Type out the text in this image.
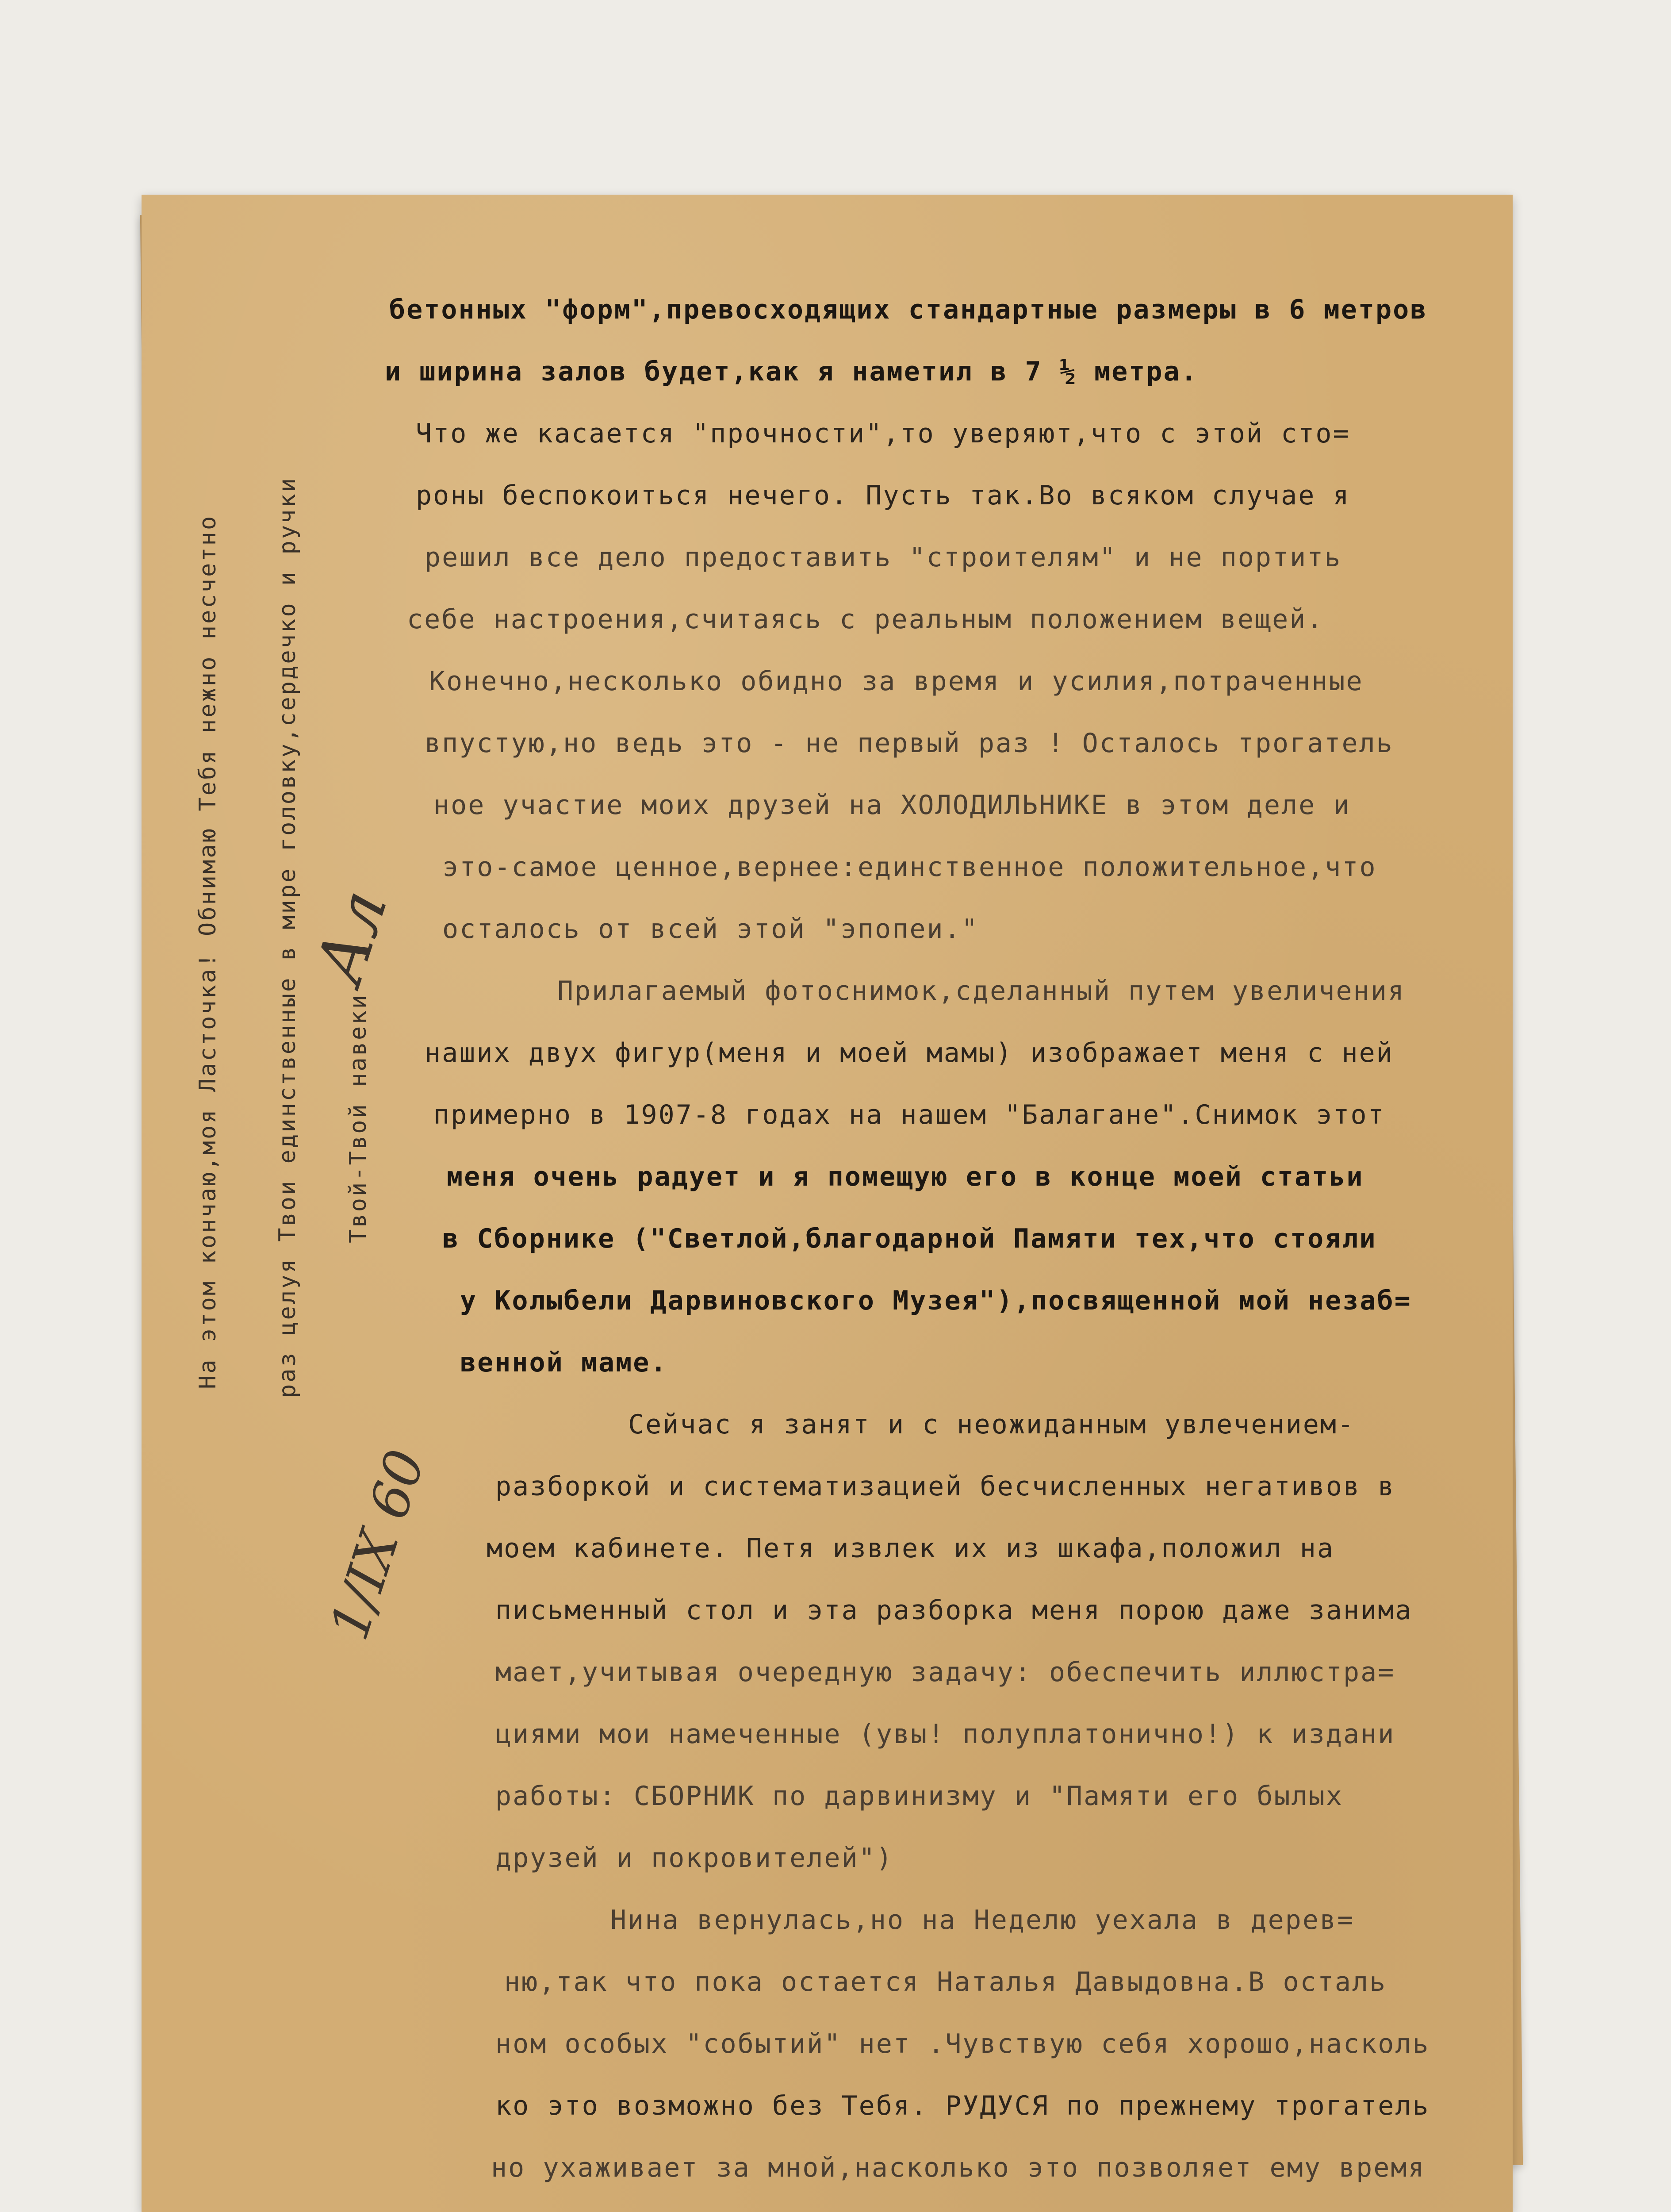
бетонных "форм",превосходящих стандартные размеры в 6 метров
и ширина залов будет,как я наметил в 7 ½ метра.
Что же касается "прочности",то уверяют,что с этой сто=
роны беспокоиться нечего. Пусть так.Во всяком случае я
решил все дело предоставить "строителям" и не портить
себе настроения,считаясь с реальным положением вещей.
Конечно,несколько обидно за время и усилия,потраченные
впустую,но ведь это - не первый раз ! Осталось трогатель
ное участие моих друзей на ХОЛОДИЛЬНИКЕ в этом деле и
это-самое ценное,вернее:единственное положительное,что
осталось от всей этой "эпопеи."
Прилагаемый фотоснимок,сделанный путем увеличения
наших двух фигур(меня и моей мамы) изображает меня с ней
примерно в 1907-8 годах на нашем "Балагане".Снимок этот
меня очень радует и я помещую его в конце моей статьи
в Сборнике ("Светлой,благодарной Памяти тех,что стояли
у Колыбели Дарвиновского Музея"),посвященной мой незаб=
венной маме.
Сейчас я занят и с неожиданным увлечением-
разборкой и систематизацией бесчисленных негативов в
моем кабинете. Петя извлек их из шкафа,положил на
письменный стол и эта разборка меня порою даже занима
мает,учитывая очередную задачу: обеспечить иллюстра=
циями мои намеченные (увы! полуплатонично!) к издани
работы: СБОРНИК по дарвинизму и "Памяти его былых
друзей и покровителей")
Нина вернулась,но на Неделю уехала в дерев=
ню,так что пока остается Наталья Давыдовна.В осталь
ном особых "событий" нет .Чувствую себя хорошо,насколь
ко это возможно без Тебя. РУДУСЯ по прежнему трогатель
но ухаживает за мной,насколько это позволяет ему время
На этом кончаю,моя Ласточка! Обнимаю Тебя нежно несчетно раз целуя Твои единственные в мире головку,сердечко и ручки Твой-Твой навеки
Ал
1/IX 60
